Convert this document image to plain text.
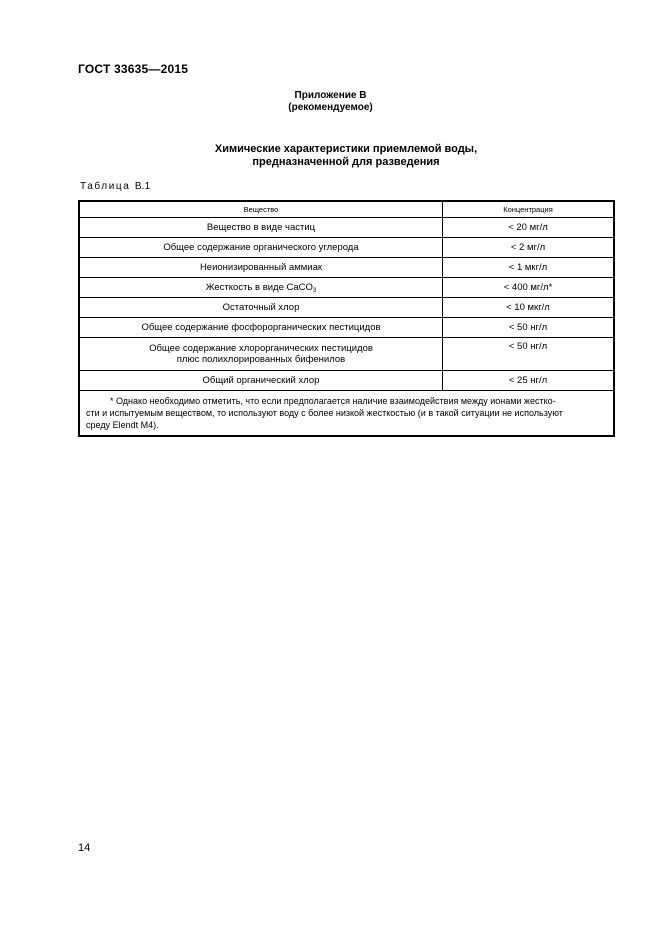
ГОСТ 33635—2015
Приложение В
(рекомендуемое)
Химические характеристики приемлемой воды,
предназначенной для разведения
Таблица В.1
Вещество	Концентрация
Вещество в виде частиц	< 20 мг/л
Общее содержание органического углерода	< 2 мг/л
Неионизированный аммиак	< 1 мкг/л
Жесткость в виде CaCO$_3$	< 400 мг/л*
Остаточный хлор	< 10 мкг/л
Общее содержание фосфорорганических пестицидов	< 50 нг/л

Общее содержание хлорорганических пестицидов
плюс полихлорированных бифенилов	< 50 нг/л
Общий органический хлор	< 25 нг/л

* Однако необходимо отметить, что если предполагается наличие взаимодействия между ионами жестко-
сти и испытуемым веществом, то используют воду с более низкой жесткостью (и в такой ситуации не используют
среду Elendt M4).	
14
